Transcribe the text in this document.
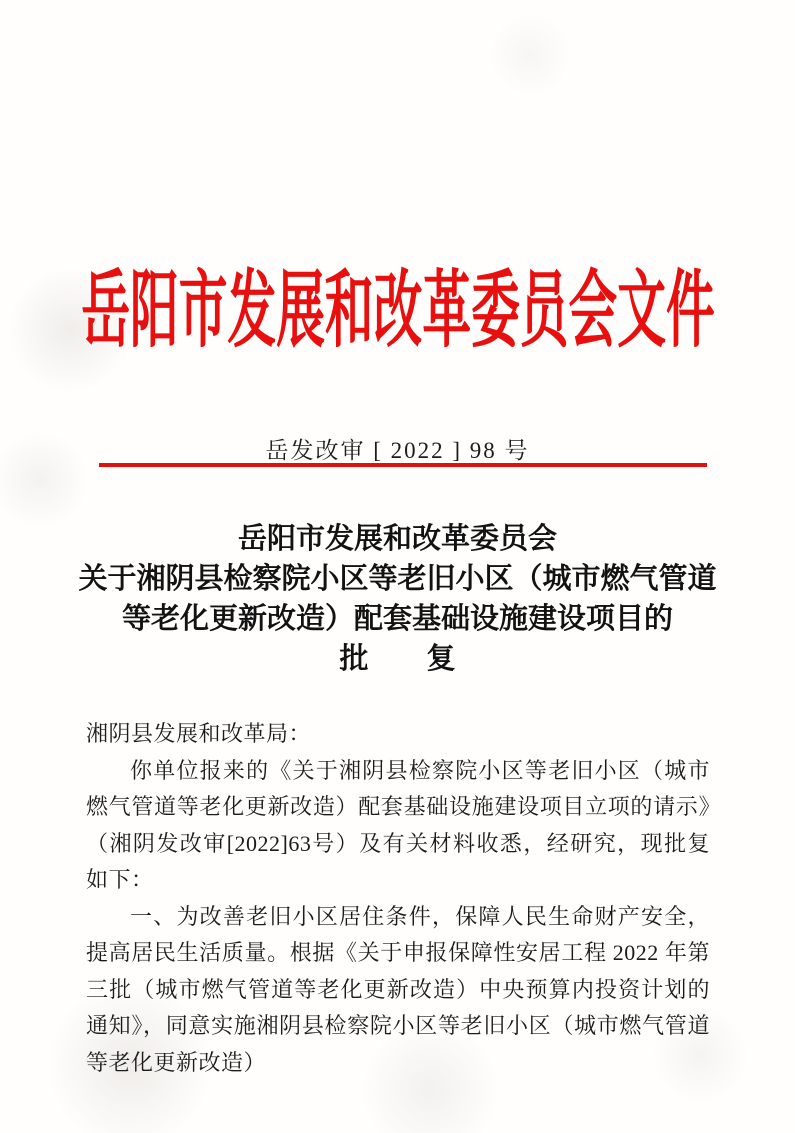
岳阳市发展和改革委员会文件
岳发改审 [ 2022 ] 98 号
岳阳市发展和改革委员会
关于湘阴县检察院小区等老旧小区（城市燃气管道
等老化更新改造）配套基础设施建设项目的
批　　复

湘阴县发展和改革局：

你单位报来的《关于湘阴县检察院小区等老旧小区（城市燃气管道等老化更新改造）配套基础设施建设项目立项的请示》（湘阴发改审[2022]63号）及有关材料收悉，经研究，现批复如下：

一、为改善老旧小区居住条件，保障人民生命财产安全，提高居民生活质量。根据《关于申报保障性安居工程 2022 年第三批（城市燃气管道等老化更新改造）中央预算内投资计划的通知》，同意实施湘阴县检察院小区等老旧小区（城市燃气管道等老化更新改造）
